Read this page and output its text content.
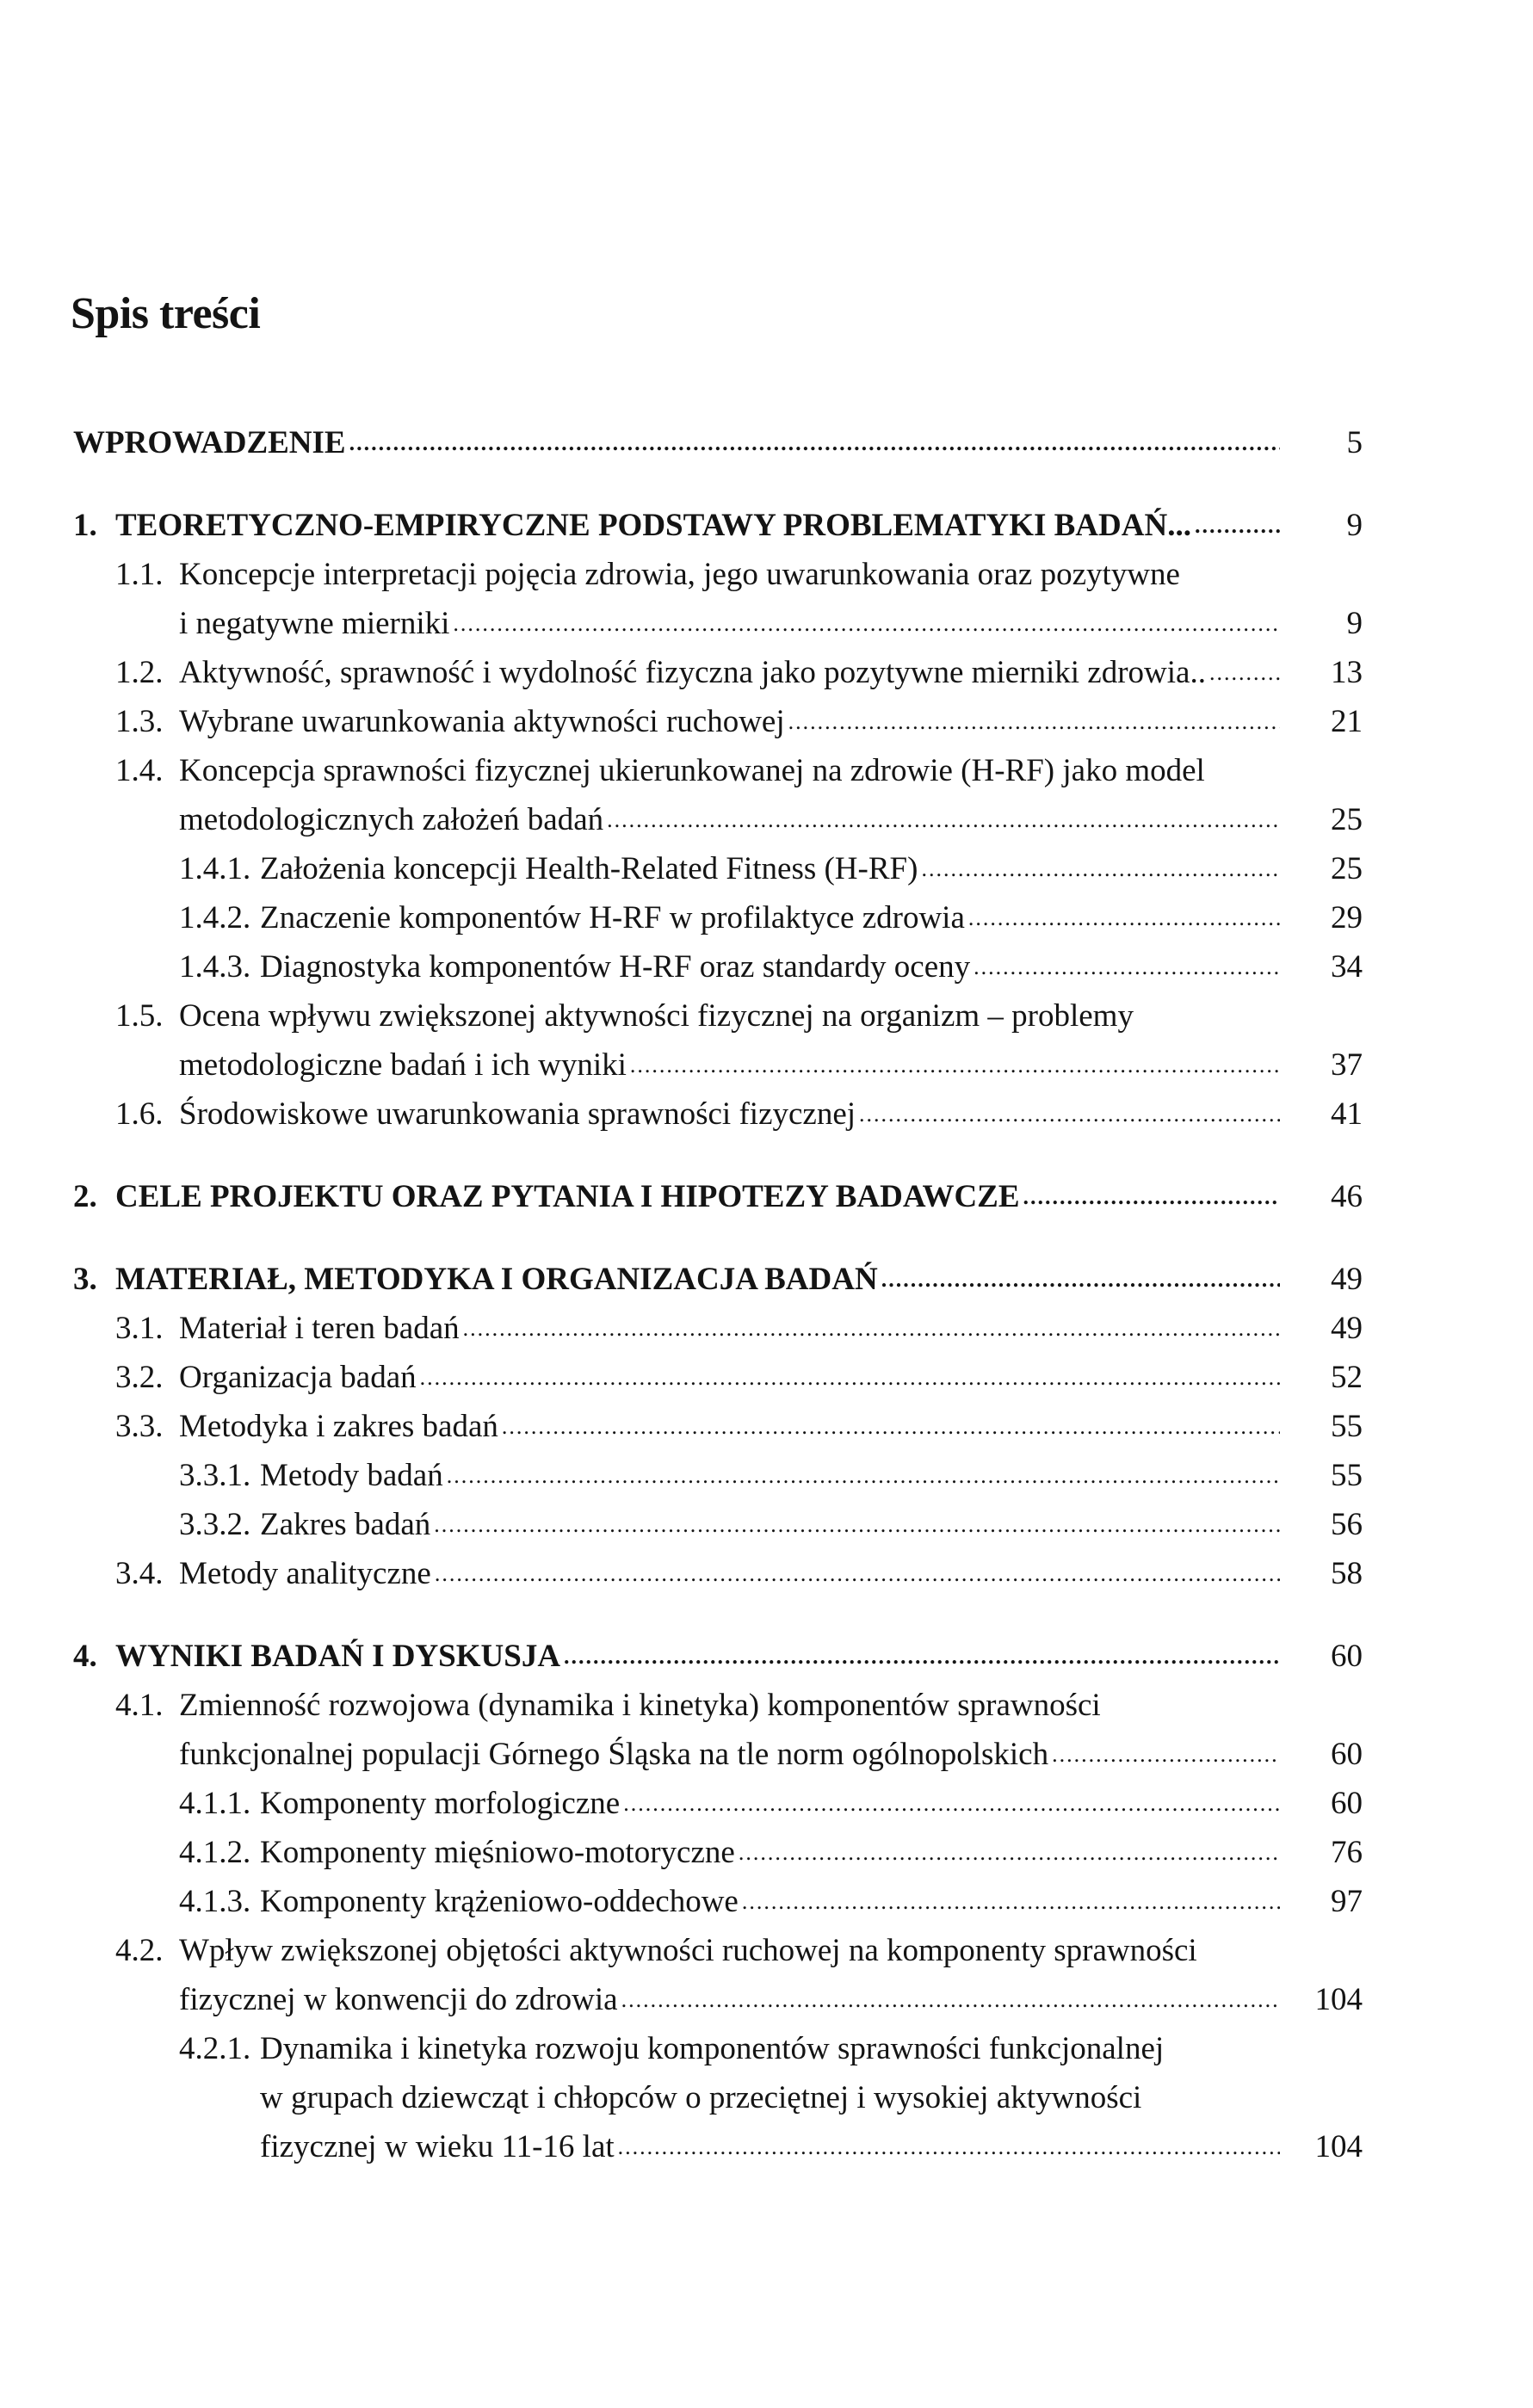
Spis treści
WPROWADZENIE .....	5
1. TEORETYCZNO-EMPIRYCZNE PODSTAWY PROBLEMATYKI BADAŃ... .....	9
1.1. Koncepcje interpretacji pojęcia zdrowia, jego uwarunkowania oraz pozytywne
i negatywne mierniki .....	9
1.2. Aktywność, sprawność i wydolność fizyczna jako pozytywne mierniki zdrowia.. .....	13
1.3. Wybrane uwarunkowania aktywności ruchowej .....	21
1.4. Koncepcja sprawności fizycznej ukierunkowanej na zdrowie (H-RF) jako model
metodologicznych założeń badań .....	25
1.4.1. Założenia koncepcji Health-Related Fitness (H-RF) .....	25
1.4.2. Znaczenie komponentów H-RF w profilaktyce zdrowia .....	29
1.4.3. Diagnostyka komponentów H-RF oraz standardy oceny .....	34
1.5. Ocena wpływu zwiększonej aktywności fizycznej na organizm – problemy
metodologiczne badań i ich wyniki .....	37
1.6. Środowiskowe uwarunkowania sprawności fizycznej .....	41
2. CELE PROJEKTU ORAZ PYTANIA I HIPOTEZY BADAWCZE .....	46
3. MATERIAŁ, METODYKA I ORGANIZACJA BADAŃ .....	49
3.1. Materiał i teren badań .....	49
3.2. Organizacja badań .....	52
3.3. Metodyka i zakres badań .....	55
3.3.1. Metody badań .....	55
3.3.2. Zakres badań .....	56
3.4. Metody analityczne .....	58
4. WYNIKI BADAŃ I DYSKUSJA .....	60
4.1. Zmienność rozwojowa (dynamika i kinetyka) komponentów sprawności
funkcjonalnej populacji Górnego Śląska na tle norm ogólnopolskich .....	60
4.1.1. Komponenty morfologiczne .....	60
4.1.2. Komponenty mięśniowo-motoryczne .....	76
4.1.3. Komponenty krążeniowo-oddechowe .....	97
4.2. Wpływ zwiększonej objętości aktywności ruchowej na komponenty sprawności
fizycznej w konwencji do zdrowia .....	104
4.2.1. Dynamika i kinetyka rozwoju komponentów sprawności funkcjonalnej
w grupach dziewcząt i chłopców o przeciętnej i wysokiej aktywności
fizycznej w wieku 11-16 lat .....	104
